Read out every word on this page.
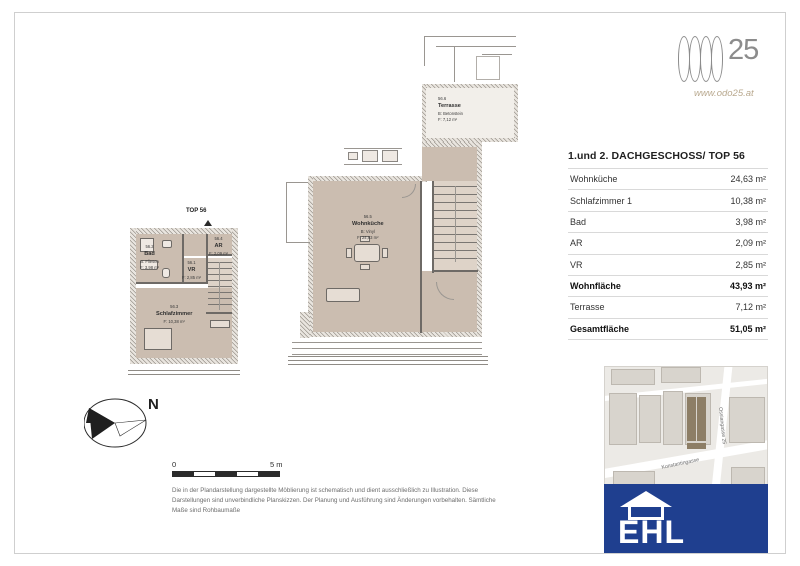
25
www.odo25.at
1.und 2. DACHGESCHOSS/ TOP 56
Wohnküche	24,63 m²
Schlafzimmer 1	10,38 m²
Bad	3,98 m²
AR	2,09 m²
VR	2,85 m²
Wohnfläche	43,93 m²
Terrasse	7,12 m²
Gesamtfläche	51,05 m²
Konstantingasse
Ossiangasse 25
EHL
N
0	5 m
Die in der Plandarstellung dargestellte Möblierung ist schematisch und dient ausschließlich zu Illustration. Diese Darstellungen sind unverbindliche Planskizzen. Der Planung und Ausführung sind Änderungen vorbehalten. Sämtliche Maße sind Rohbaumaße
TOP 56
56.2
Bad
B: Fliesen
F: 3,98 m²
56.4
AR
F: 2,09 m²
56.1
VR
F: 2,85 m²
56.3
Schlafzimmer
F: 10,38 m²
56.6
Terrasse
B: Betonstein
F: 7,12 m²
56.5
Wohnküche
B: Vinyl
F: 24,63 m²
